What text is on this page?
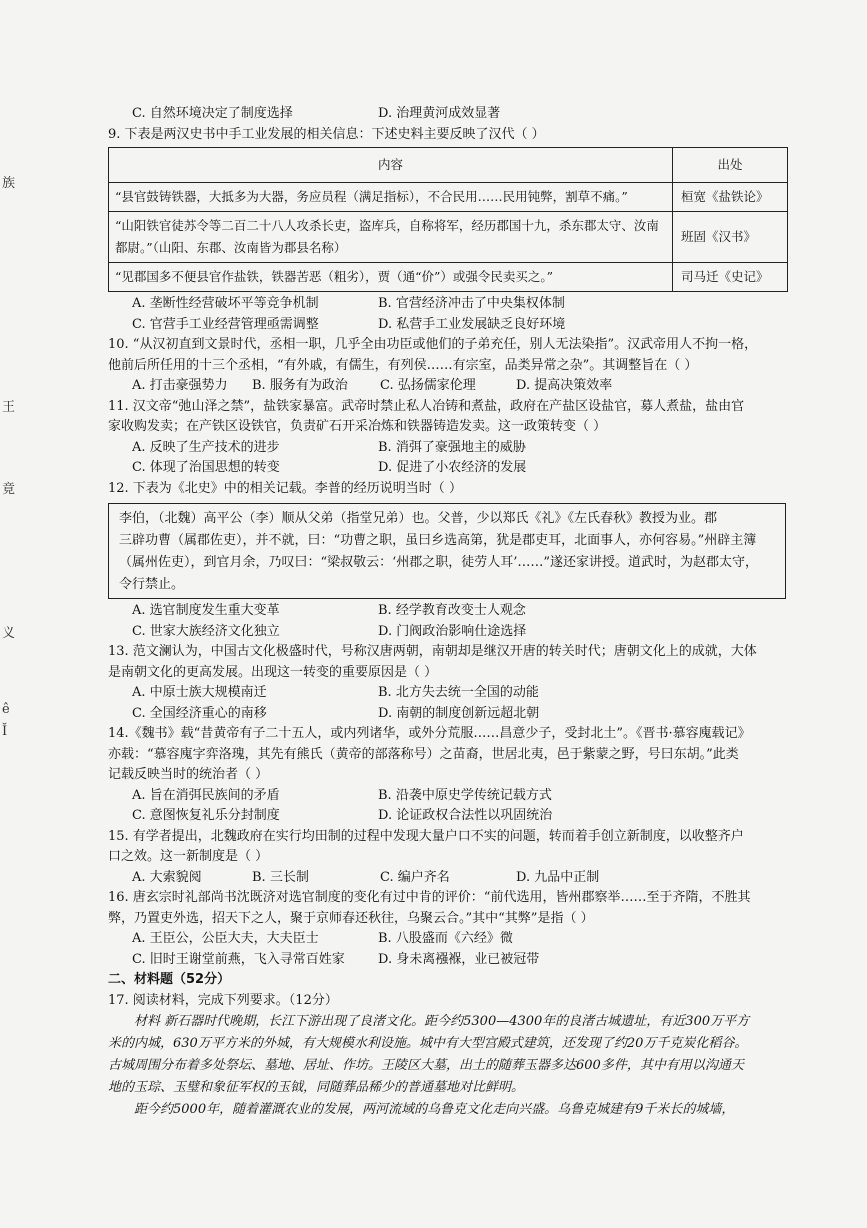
族
王
竟
义
ê
Ĭ
C. 自然环境决定了制度选择	D. 治理黄河成效显著
9. 下表是两汉史书中手工业发展的相关信息：下述史料主要反映了汉代（ ）
内容	出处
“县官鼓铸铁器，大抵多为大器，务应员程（满足指标），不合民用……民用钝弊，割草不痛。”	桓宽《盐铁论》
“山阳铁官徒苏令等二百二十八人攻杀长吏，盗库兵，自称将军，经历郡国十九，杀东郡太守、汝南都尉。”（山阳、东郡、汝南皆为郡县名称）	班固《汉书》
“见郡国多不便县官作盐铁，铁器苦恶（粗劣），贾（通“价”）或强令民卖买之。”	司马迁《史记》
A. 垄断性经营破坏平等竞争机制	B. 官营经济冲击了中央集权体制
C. 官营手工业经营管理亟需调整	D. 私营手工业发展缺乏良好环境
10. “从汉初直到文景时代，丞相一职，几乎全由功臣或他们的子弟充任，别人无法染指”。汉武帝用人不拘一格，
他前后所任用的十三个丞相，“有外戚，有儒生，有列侯……有宗室，品类异常之杂”。其调整旨在（ ）
A. 打击豪强势力	B. 服务有为政治	C. 弘扬儒家伦理	D. 提高决策效率
11. 汉文帝“弛山泽之禁”，盐铁家暴富。武帝时禁止私人冶铸和煮盐，政府在产盐区设盐官，募人煮盐，盐由官
家收购发卖；在产铁区设铁官，负责矿石开采冶炼和铁器铸造发卖。这一政策转变（ ）
A. 反映了生产技术的进步	B. 消弭了豪强地主的威胁
C. 体现了治国思想的转变	D. 促进了小农经济的发展
12. 下表为《北史》中的相关记载。李普的经历说明当时（ ）
李伯，（北魏）高平公（李）顺从父弟（指堂兄弟）也。父普，少以郑氏《礼》《左氏春秋》教授为业。郡
三辟功曹（属郡佐吏），并不就，曰：“功曹之职，虽曰乡选高第，犹是郡吏耳，北面事人，亦何容易。”州辟主簿
（属州佐吏），到官月余，乃叹曰：“梁叔敬云：‘州郡之职，徒劳人耳’……”遂还家讲授。道武时，为赵郡太守，
令行禁止。
A. 选官制度发生重大变革	B. 经学教育改变士人观念
C. 世家大族经济文化独立	D. 门阀政治影响仕途选择
13. 范文澜认为，中国古文化极盛时代，号称汉唐两朝，南朝却是继汉开唐的转关时代；唐朝文化上的成就，大体
是南朝文化的更高发展。出现这一转变的重要原因是（ ）
A. 中原士族大规模南迁	B. 北方失去统一全国的动能
C. 全国经济重心的南移	D. 南朝的制度创新远超北朝
14.《魏书》载“昔黄帝有子二十五人，或内列诸华，或外分荒服……昌意少子，受封北土”。《晋书·慕容廆载记》
亦载：“慕容廆字弈洛瑰，其先有熊氏（黄帝的部落称号）之苗裔，世居北夷，邑于紫蒙之野，号曰东胡。”此类
记载反映当时的统治者（ ）
A. 旨在消弭民族间的矛盾	B. 沿袭中原史学传统记载方式
C. 意图恢复礼乐分封制度	D. 论证政权合法性以巩固统治
15. 有学者提出，北魏政府在实行均田制的过程中发现大量户口不实的问题，转而着手创立新制度，以收整齐户
口之效。这一新制度是（ ）
A. 大索貌阅	B. 三长制	C. 编户齐名	D. 九品中正制
16. 唐玄宗时礼部尚书沈既济对选官制度的变化有过中肯的评价：“前代选用，皆州郡察举……至于齐隋，不胜其
弊，乃置吏外选，招天下之人，聚于京师春还秋往，乌聚云合。”其中“其弊”是指（ ）
A. 王臣公，公臣大夫，大夫臣士	B. 八股盛而《六经》微
C. 旧时王谢堂前燕，飞入寻常百姓家	D. 身未离襁褓，业已被冠带
二、材料题（52分）
17. 阅读材料，完成下列要求。（12分）
材料 新石器时代晚期，长江下游出现了良渚文化。距今约5300—4300年的良渚古城遗址，有近300万平方
米的内城，630万平方米的外城，有大规模水利设施。城中有大型宫殿式建筑，还发现了约20万千克炭化稻谷。
古城周围分布着多处祭坛、墓地、居址、作坊。王陵区大墓，出土的随葬玉器多达600多件，其中有用以沟通天
地的玉琮、玉璧和象征军权的玉钺，同随葬品稀少的普通墓地对比鲜明。
距今约5000年，随着灌溉农业的发展，两河流域的乌鲁克文化走向兴盛。乌鲁克城建有9千米长的城墙，
